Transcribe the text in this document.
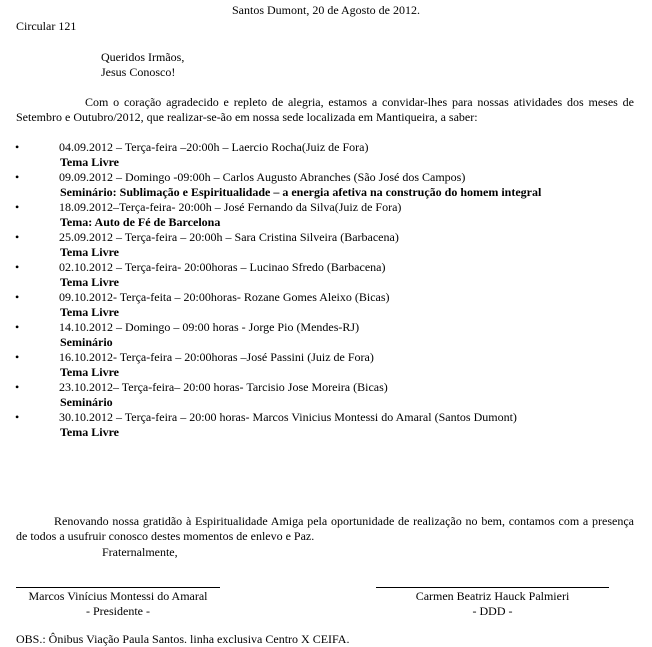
Santos Dumont, 20 de Agosto de 2012.
Circular 121
Queridos Irmãos,
Jesus Conosco!
Com o coração agradecido e repleto de alegria, estamos a convidar-lhes para nossas atividades dos meses de Setembro e Outubro/2012, que realizar-se-ão em nossa sede localizada em Mantiqueira, a saber:
•	04.09.2012 – Terça-feira –20:00h – Laercio Rocha(Juiz de Fora)
Tema Livre
•	09.09.2012 – Domingo -09:00h – Carlos Augusto Abranches (São José dos Campos)
Seminário: Sublimação e Espiritualidade – a energia afetiva na construção do homem integral
•	18.09.2012–Terça-feira- 20:00h – José Fernando da Silva(Juiz de Fora)
Tema: Auto de Fé de Barcelona
•	25.09.2012 – Terça-feira – 20:00h – Sara Cristina Silveira (Barbacena)
Tema Livre
•	02.10.2012 – Terça-feira- 20:00horas – Lucinao Sfredo (Barbacena)
Tema Livre
•	09.10.2012- Terça-feita – 20:00horas- Rozane Gomes Aleixo (Bicas)
Tema Livre
•	14.10.2012 – Domingo – 09:00 horas - Jorge Pio (Mendes-RJ)
Seminário
•	16.10.2012- Terça-feira – 20:00horas –José Passini (Juiz de Fora)
Tema Livre
•	23.10.2012– Terça-feira– 20:00 horas- Tarcisio Jose Moreira (Bicas)
Seminário
•	30.10.2012 – Terça-feira – 20:00 horas- Marcos Vinicius Montessi do Amaral (Santos Dumont)
Tema Livre
Renovando nossa gratidão à Espiritualidade Amiga pela oportunidade de realização no bem, contamos com a presença de todos a usufruir conosco destes momentos de enlevo e Paz.
Fraternalmente,
Marcos Vinícius Montessi do Amaral
- Presidente -
Carmen Beatriz Hauck Palmieri
- DDD -
OBS.: Ônibus Viação Paula Santos. linha exclusiva Centro X CEIFA.
